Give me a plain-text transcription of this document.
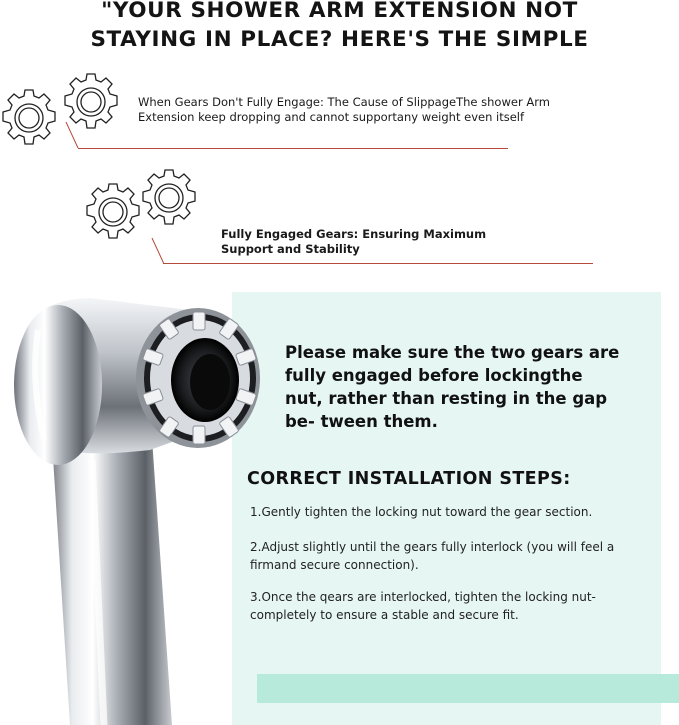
"YOUR SHOWER ARM EXTENSION NOT
STAYING IN PLACE? HERE'S THE SIMPLE
When Gears Don't Fully Engage: The Cause of SlippageThe shower Arm Extension keep dropping and cannot supportany weight even itself
Fully Engaged Gears: Ensuring Maximum Support and Stability
Please make sure the two gears are fully engaged before lockingthe nut, rather than resting in the gap be- tween them.
CORRECT INSTALLATION STEPS:
1.Gently tighten the locking nut toward the gear section.
2.Adjust slightly until the gears fully interlock (you will feel a firmand secure connection).
3.Once the qears are interlocked, tighten the locking nut- completely to ensure a stable and secure fit.
